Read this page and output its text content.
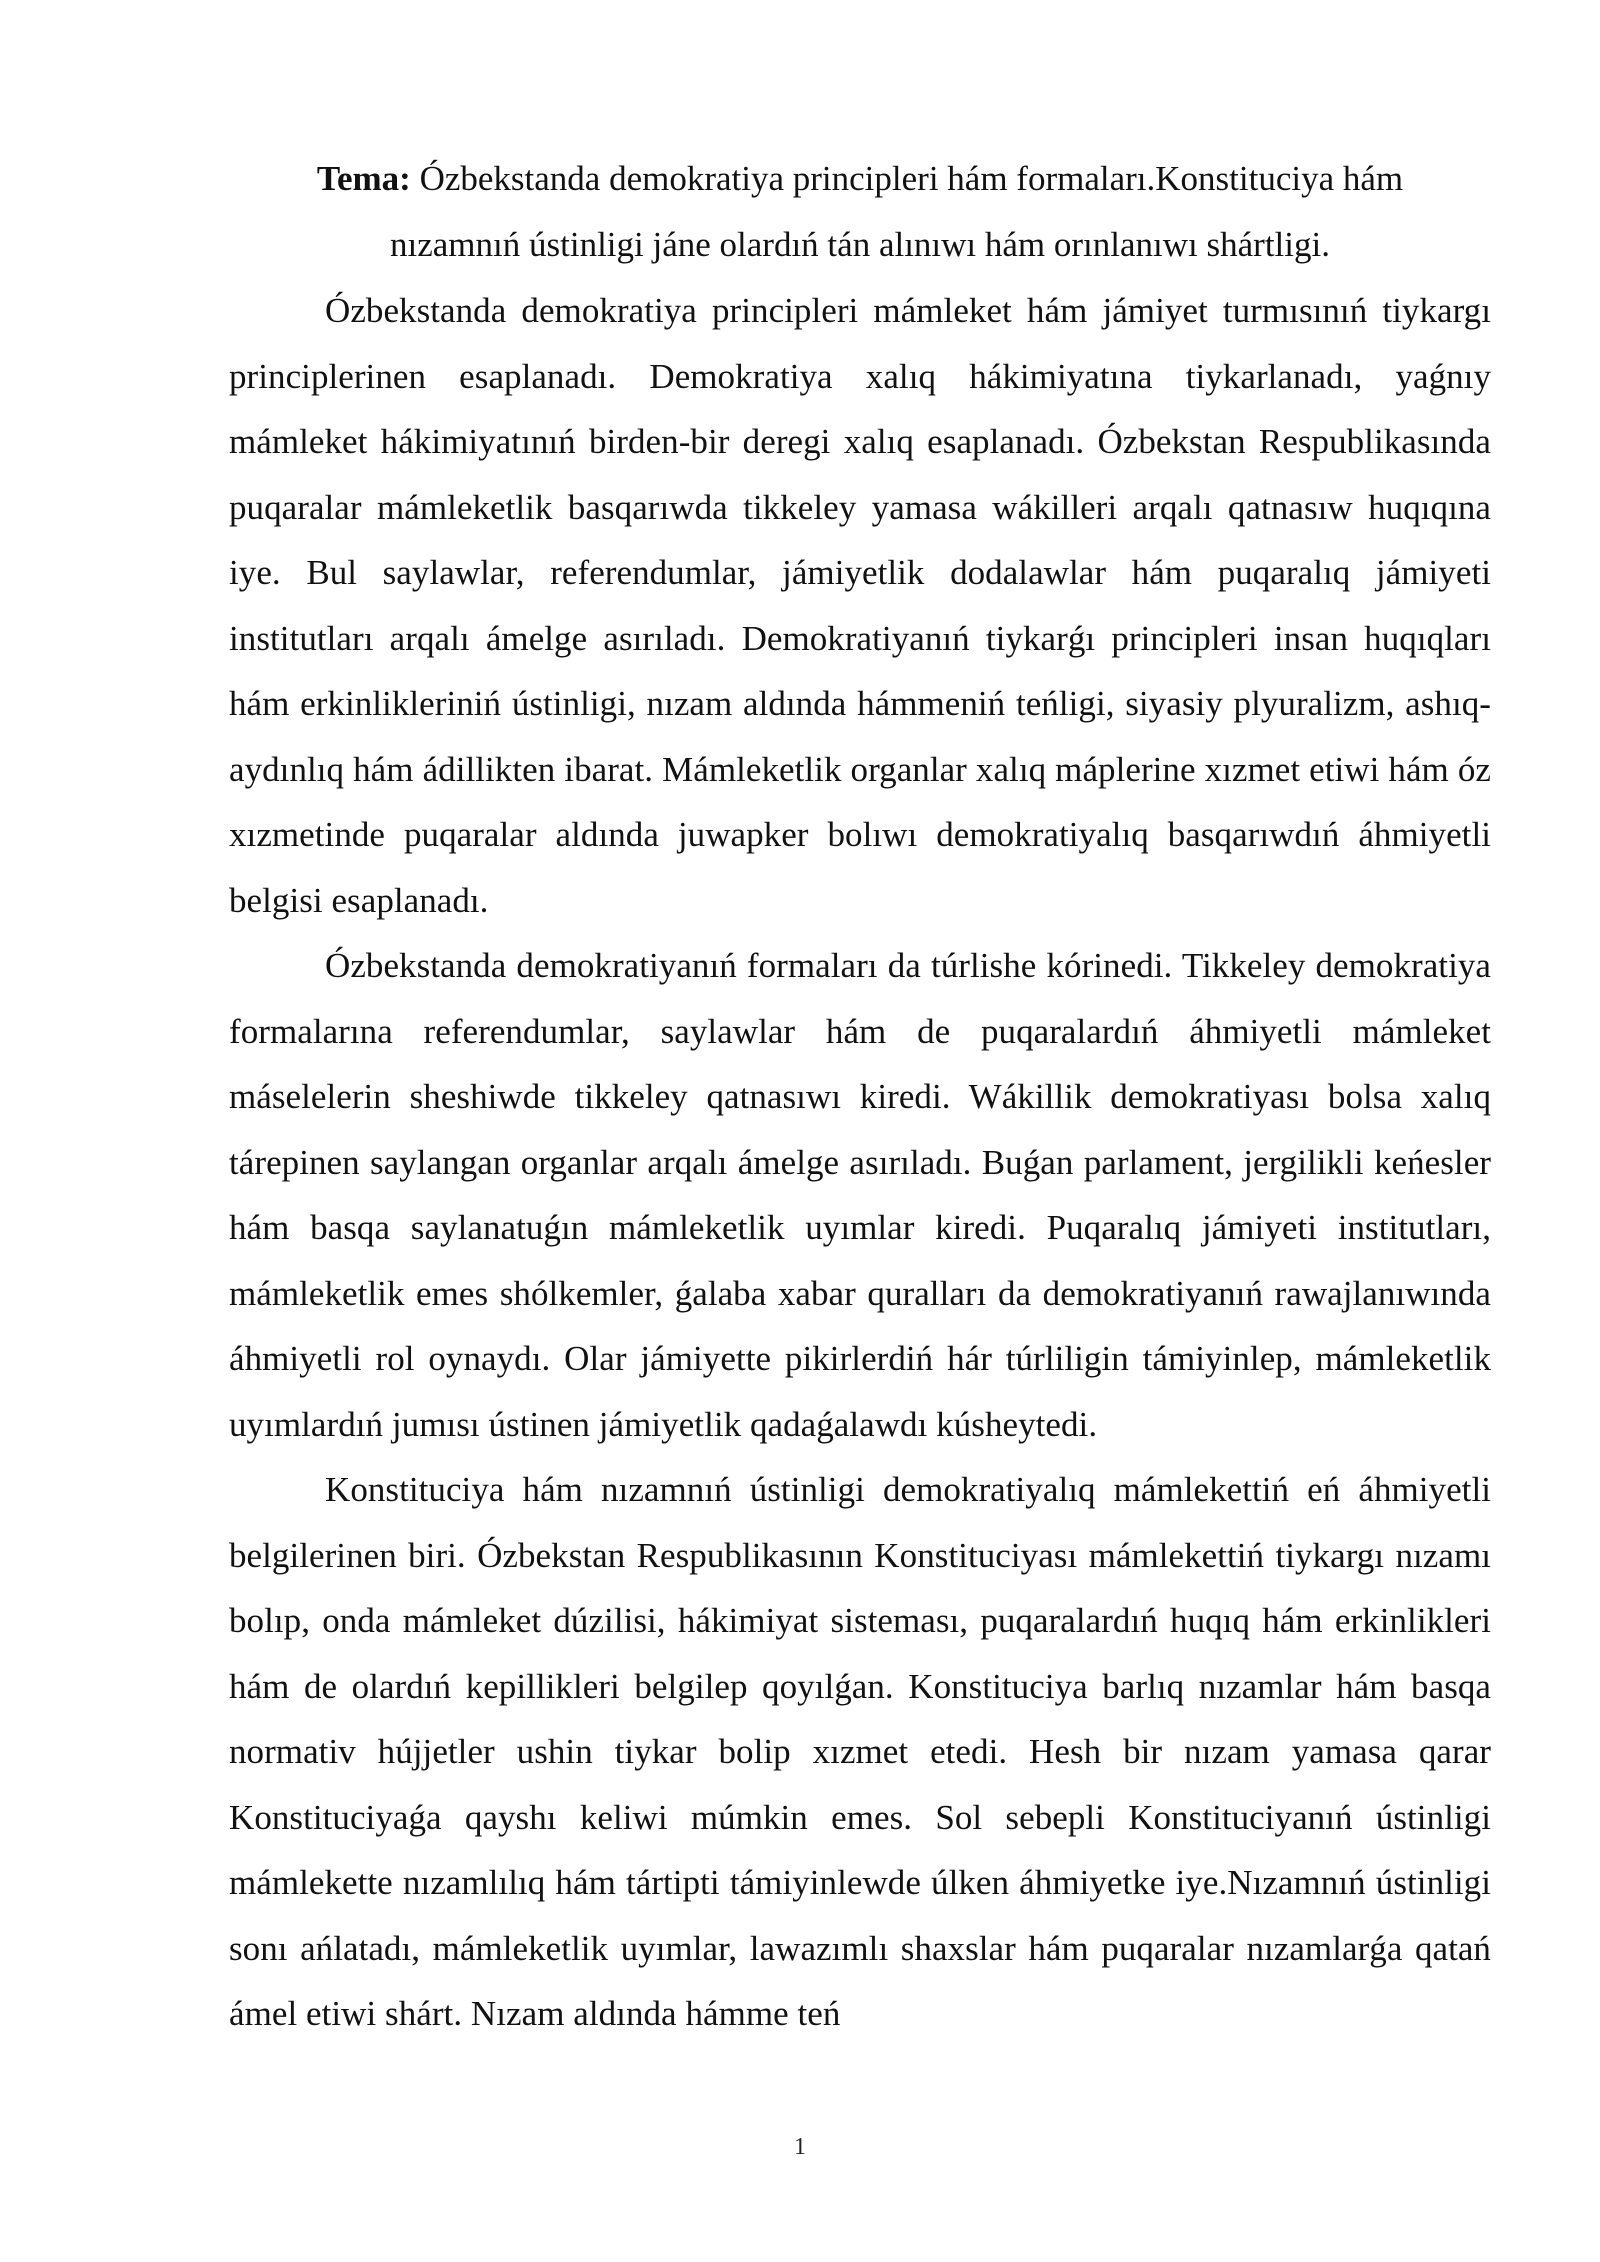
Tema: Ózbekstanda demokratiya principleri hám formaları.Konstituciya hám nızamnıń ústinligi jáne olardıń tán alınıwı hám orınlanıwı shártligi.

Ózbekstanda demokratiya principleri mámleket hám jámiyet turmısınıń tiykargı principlerinen esaplanadı. Demokratiya xalıq hákimiyatına tiykarlanadı, yaǵnıy mámleket hákimiyatınıń birden-bir deregi xalıq esaplanadı. Ózbekstan Respublikasında puqaralar mámleketlik basqarıwda tikkeley yamasa wákilleri arqalı qatnasıw huqıqına iye. Bul saylawlar, referendumlar, jámiyetlik dodalawlar hám puqaralıq jámiyeti institutları arqalı ámelge asırıladı. Demokratiyanıń tiykarǵı principleri insan huqıqları hám erkinlikleriniń ústinligi, nızam aldında hámmeniń teńligi, siyasiy plyuralizm, ashıq-aydınlıq hám ádillikten ibarat. Mámleketlik organlar xalıq máplerine xızmet etiwi hám óz xızmetinde puqaralar aldında juwapker bolıwı demokratiyalıq basqarıwdıń áhmiyetli belgisi esaplanadı.

Ózbekstanda demokratiyanıń formaları da túrlishe kórinedi. Tikkeley demokratiya formalarına referendumlar, saylawlar hám de puqaralardıń áhmiyetli mámleket máselelerin sheshiwde tikkeley qatnasıwı kiredi. Wákillik demokratiyası bolsa xalıq tárepinen saylangan organlar arqalı ámelge asırıladı. Buǵan parlament, jergilikli keńesler hám basqa saylanatuǵın mámleketlik uyımlar kiredi. Puqaralıq jámiyeti institutları, mámleketlik emes shólkemler, ǵalaba xabar quralları da demokratiyanıń rawajlanıwında áhmiyetli rol oynaydı. Olar jámiyette pikirlerdiń hár túrliligin támiyinlep, mámleketlik uyımlardıń jumısı ústinen jámiyetlik qadaǵalawdı kúsheytedi.

Konstituciya hám nızamnıń ústinligi demokratiyalıq mámlekettiń eń áhmiyetli belgilerinen biri. Ózbekstan Respublikasının Konstituciyası mámlekettiń tiykargı nızamı bolıp, onda mámleket dúzilisi, hákimiyat sisteması, puqaralardıń huqıq hám erkinlikleri hám de olardıń kepillikleri belgilep qoyılǵan. Konstituciya barlıq nızamlar hám basqa normativ hújjetler ushin tiykar bolip xızmet etedi. Hesh bir nızam yamasa qarar Konstituciyaǵa qayshı keliwi múmkin emes. Sol sebepli Konstituciyanıń ústinligi mámlekette nızamlılıq hám tártipti támiyinlewde úlken áhmiyetke iye.Nızamnıń ústinligi sonı ańlatadı, mámleketlik uyımlar, lawazımlı shaxslar hám puqaralar nızamlarǵa qatań ámel etiwi shárt. Nızam aldında hámme teń

1
